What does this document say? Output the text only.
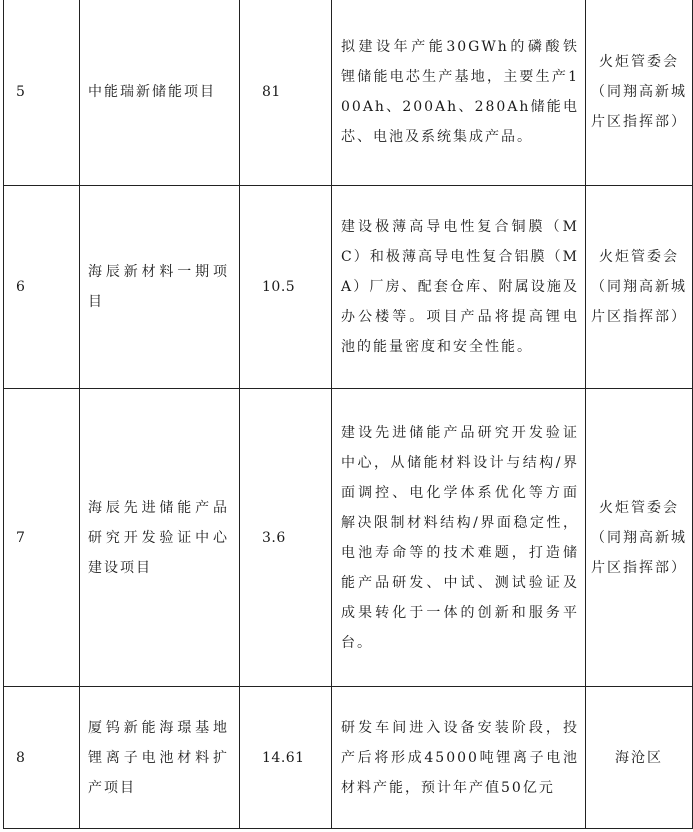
5	中能瑞新储能项目	81	拟建设年产能30GWh的磷酸铁锂储能电芯生产基地，主要生产100Ah、200Ah、280Ah储能电芯、电池及系统集成产品。	火炬管委会（同翔高新城片区指挥部）

6	海辰新材料一期项目	10.5	建设极薄高导电性复合铜膜（MC）和极薄高导电性复合铝膜（MA）厂房、配套仓库、附属设施及办公楼等。项目产品将提高锂电池的能量密度和安全性能。	火炬管委会（同翔高新城片区指挥部）

7	海辰先进储能产品研究开发验证中心建设项目	3.6	建设先进储能产品研究开发验证中心，从储能材料设计与结构/界面调控、电化学体系优化等方面解决限制材料结构/界面稳定性，电池寿命等的技术难题，打造储能产品研发、中试、测试验证及成果转化于一体的创新和服务平台。	火炬管委会（同翔高新城片区指挥部）

8	厦钨新能海璟基地锂离子电池材料扩产项目	14.61	研发车间进入设备安装阶段，投产后将形成45000吨锂离子电池材料产能，预计年产值50亿元	海沧区
